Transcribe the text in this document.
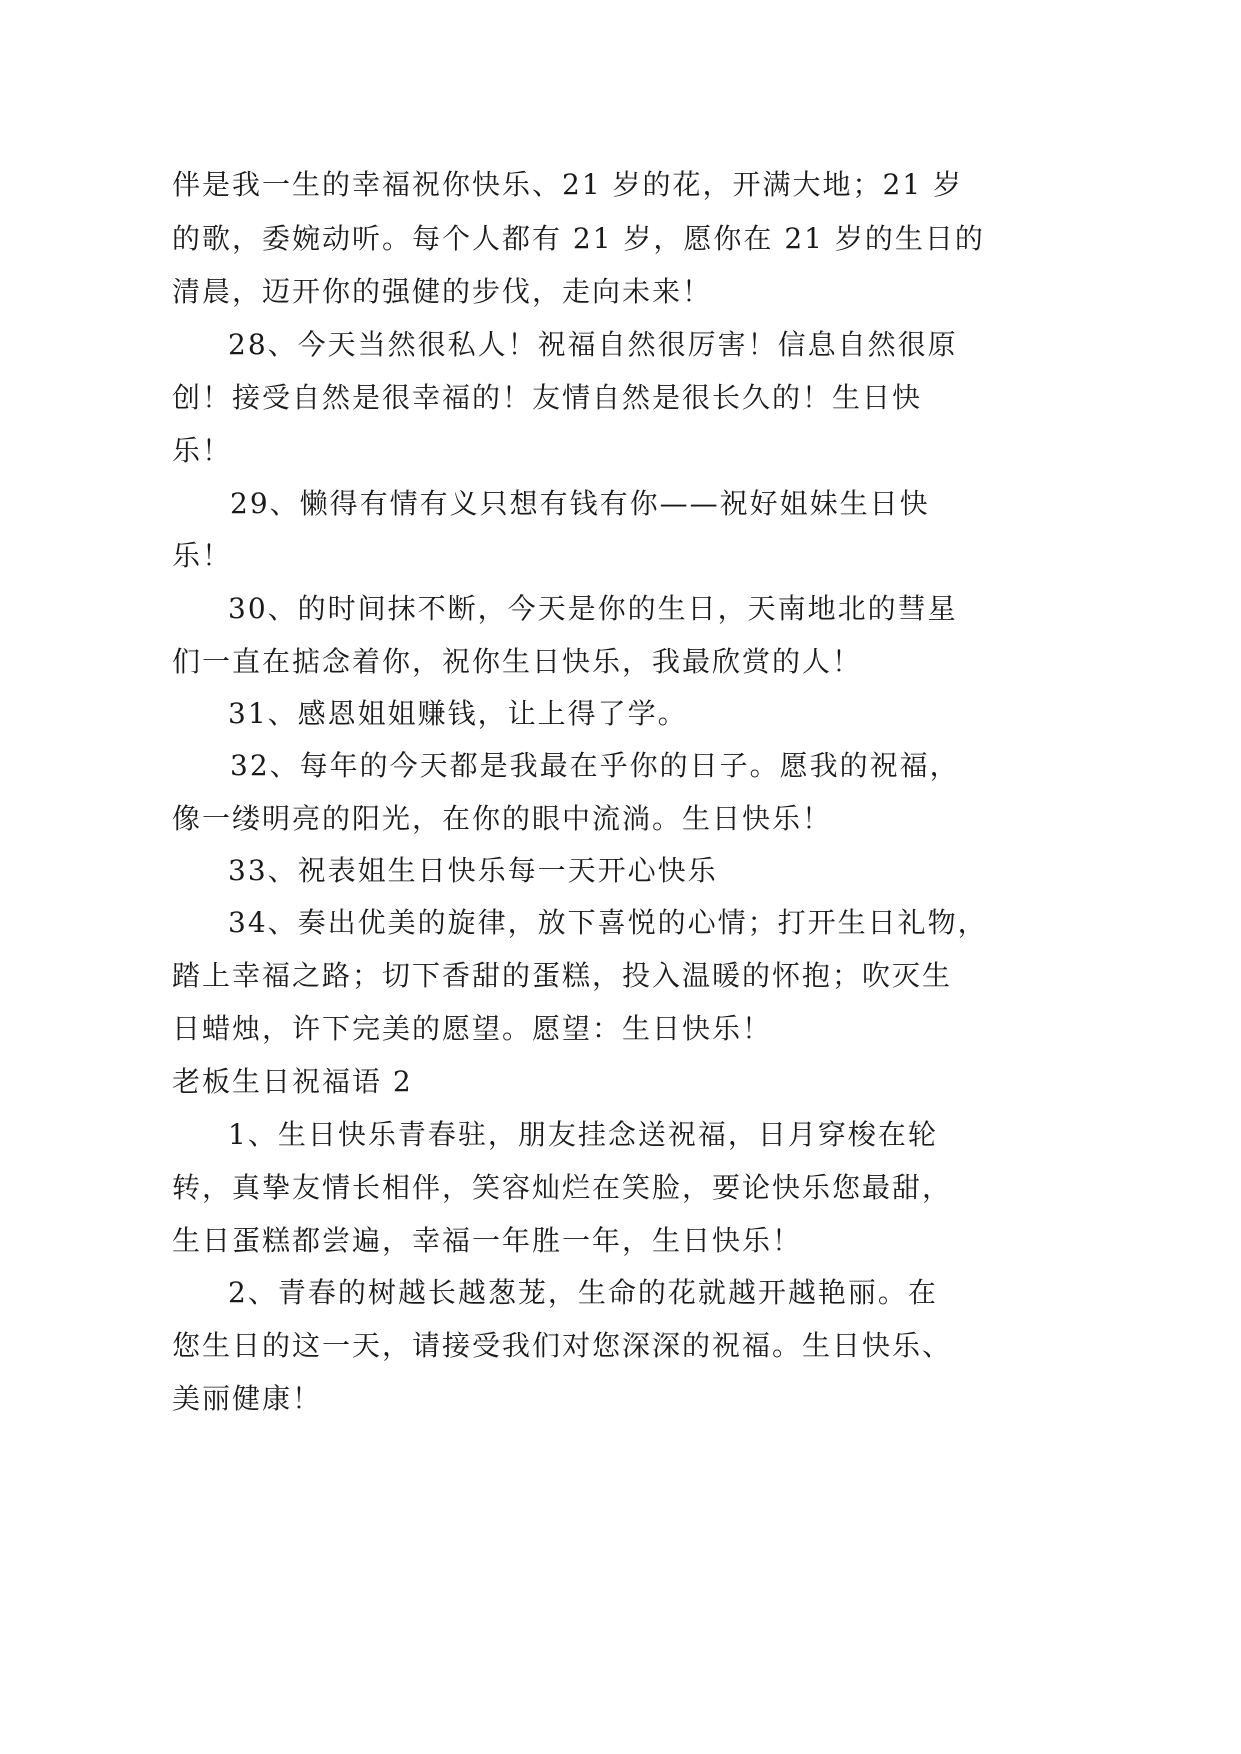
伴是我一生的幸福祝你快乐、21 岁的花，开满大地；21 岁
的歌，委婉动听。每个人都有 21 岁，愿你在 21 岁的生日的
清晨，迈开你的强健的步伐，走向未来！
28、今天当然很私人！祝福自然很厉害！信息自然很原
创！接受自然是很幸福的！友情自然是很长久的！生日快
乐！
29、懒得有情有义只想有钱有你——祝好姐妹生日快
乐！
30、的时间抹不断，今天是你的生日，天南地北的彗星
们一直在掂念着你，祝你生日快乐，我最欣赏的人！
31、感恩姐姐赚钱，让上得了学。
32、每年的今天都是我最在乎你的日子。愿我的祝福，
像一缕明亮的阳光，在你的眼中流淌。生日快乐！
33、祝表姐生日快乐每一天开心快乐
34、奏出优美的旋律，放下喜悦的心情；打开生日礼物，
踏上幸福之路；切下香甜的蛋糕，投入温暖的怀抱；吹灭生
日蜡烛，许下完美的愿望。愿望：生日快乐！
老板生日祝福语 2
1、生日快乐青春驻，朋友挂念送祝福，日月穿梭在轮
转，真挚友情长相伴，笑容灿烂在笑脸，要论快乐您最甜，
生日蛋糕都尝遍，幸福一年胜一年，生日快乐！
2、青春的树越长越葱茏，生命的花就越开越艳丽。在
您生日的这一天，请接受我们对您深深的祝福。生日快乐、
美丽健康！
